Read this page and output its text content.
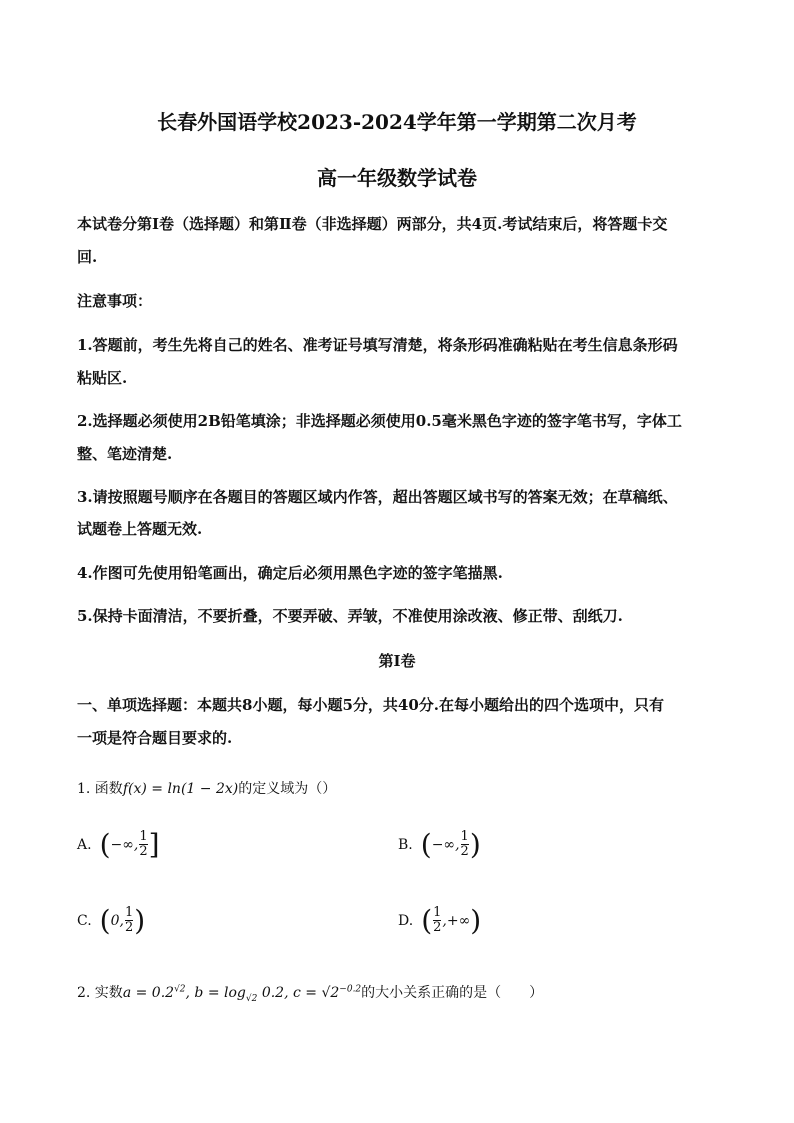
长春外国语学校2023-2024学年第一学期第二次月考
高一年级数学试卷
本试卷分第Ⅰ卷（选择题）和第Ⅱ卷（非选择题）两部分，共4页.考试结束后，将答题卡交
回.
注意事项：
1.答题前，考生先将自己的姓名、准考证号填写清楚，将条形码准确粘贴在考生信息条形码
粘贴区.
2.选择题必须使用2B铅笔填涂；非选择题必须使用0.5毫米黑色字迹的签字笔书写，字体工
整、笔迹清楚.
3.请按照题号顺序在各题目的答题区域内作答，超出答题区域书写的答案无效；在草稿纸、
试题卷上答题无效.
4.作图可先使用铅笔画出，确定后必须用黑色字迹的签字笔描黑.
5.保持卡面清洁，不要折叠，不要弄破、弄皱，不准使用涂改液、修正带、刮纸刀.
第Ⅰ卷
一、单项选择题：本题共8小题，每小题5分，共40分.在每小题给出的四个选项中，只有
一项是符合题目要求的.
1. 函数f(x) = ln(1 − 2x)的定义域为（）
A. ( −∞, $\frac{1}{2}$ ]	B. ( −∞, $\frac{1}{2}$ )
C. ( 0, $\frac{1}{2}$ )	D. ( $\frac{1}{2}$ ,+∞ )
2. 实数$a = 0.2^{√2}$, $b = \log_{√2} 0.2$, $c = √2^{-0.2}$的大小关系正确的是（　　）
